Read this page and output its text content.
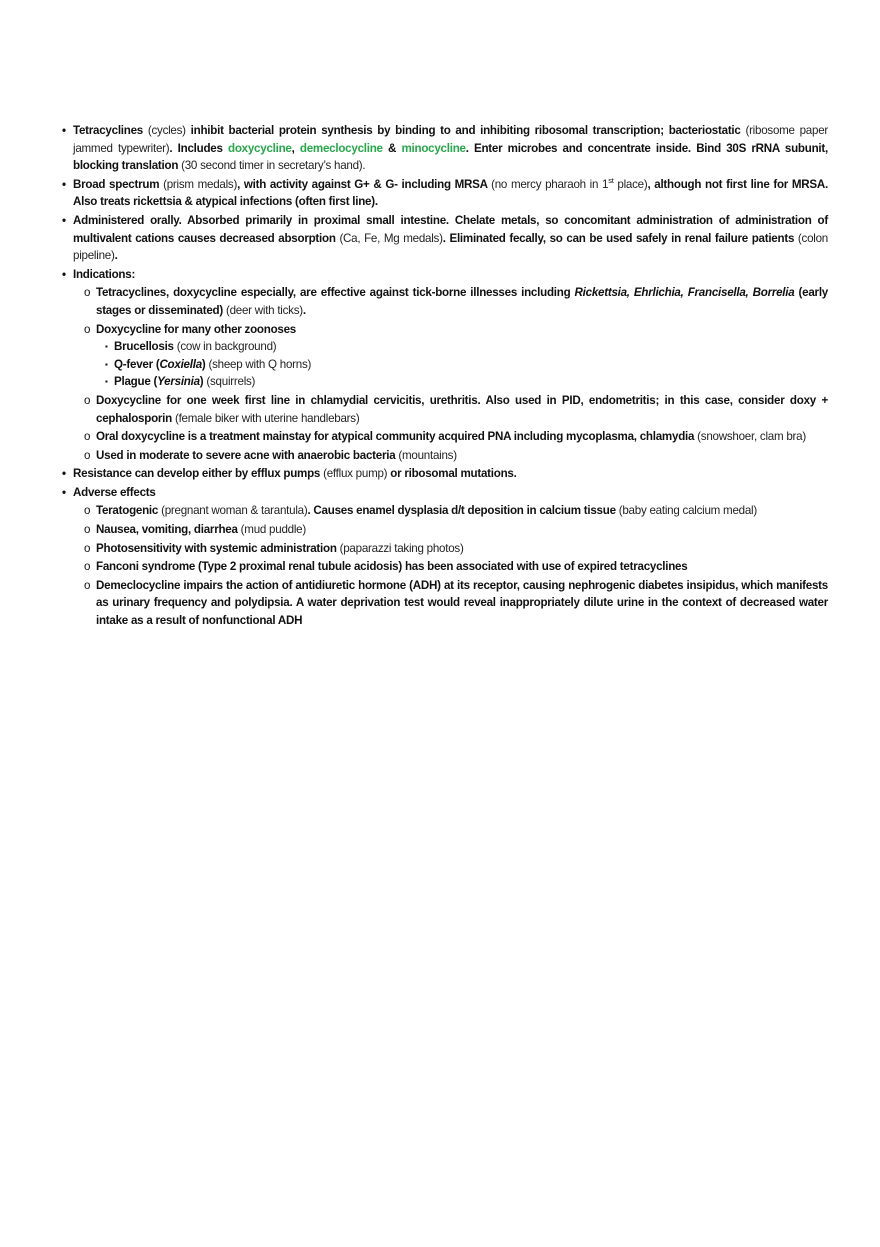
• Tetracyclines (cycles) inhibit bacterial protein synthesis by binding to and inhibiting ribosomal transcription; bacteriostatic (ribosome paper jammed typewriter). Includes doxycycline, demeclocycline & minocycline. Enter microbes and concentrate inside. Bind 30S rRNA subunit, blocking translation (30 second timer in secretary’s hand).
• Broad spectrum (prism medals), with activity against G+ & G- including MRSA (no mercy pharaoh in 1st place), although not first line for MRSA. Also treats rickettsia & atypical infections (often first line).
• Administered orally. Absorbed primarily in proximal small intestine. Chelate metals, so concomitant administration of administration of multivalent cations causes decreased absorption (Ca, Fe, Mg medals). Eliminated fecally, so can be used safely in renal failure patients (colon pipeline).
• Indications:
o Tetracyclines, doxycycline especially, are effective against tick-borne illnesses including Rickettsia, Ehrlichia, Francisella, Borrelia (early stages or disseminated) (deer with ticks).
o Doxycycline for many other zoonoses
▪ Brucellosis (cow in background)
▪ Q-fever (Coxiella) (sheep with Q horns)
▪ Plague (Yersinia) (squirrels)
o Doxycycline for one week first line in chlamydial cervicitis, urethritis. Also used in PID, endometritis; in this case, consider doxy + cephalosporin (female biker with uterine handlebars)
o Oral doxycycline is a treatment mainstay for atypical community acquired PNA including mycoplasma, chlamydia (snowshoer, clam bra)
o Used in moderate to severe acne with anaerobic bacteria (mountains)
• Resistance can develop either by efflux pumps (efflux pump) or ribosomal mutations.
• Adverse effects
o Teratogenic (pregnant woman & tarantula). Causes enamel dysplasia d/t deposition in calcium tissue (baby eating calcium medal)
o Nausea, vomiting, diarrhea (mud puddle)
o Photosensitivity with systemic administration (paparazzi taking photos)
o Fanconi syndrome (Type 2 proximal renal tubule acidosis) has been associated with use of expired tetracyclines
o Demeclocycline impairs the action of antidiuretic hormone (ADH) at its receptor, causing nephrogenic diabetes insipidus, which manifests as urinary frequency and polydipsia. A water deprivation test would reveal inappropriately dilute urine in the context of decreased water intake as a result of nonfunctional ADH
